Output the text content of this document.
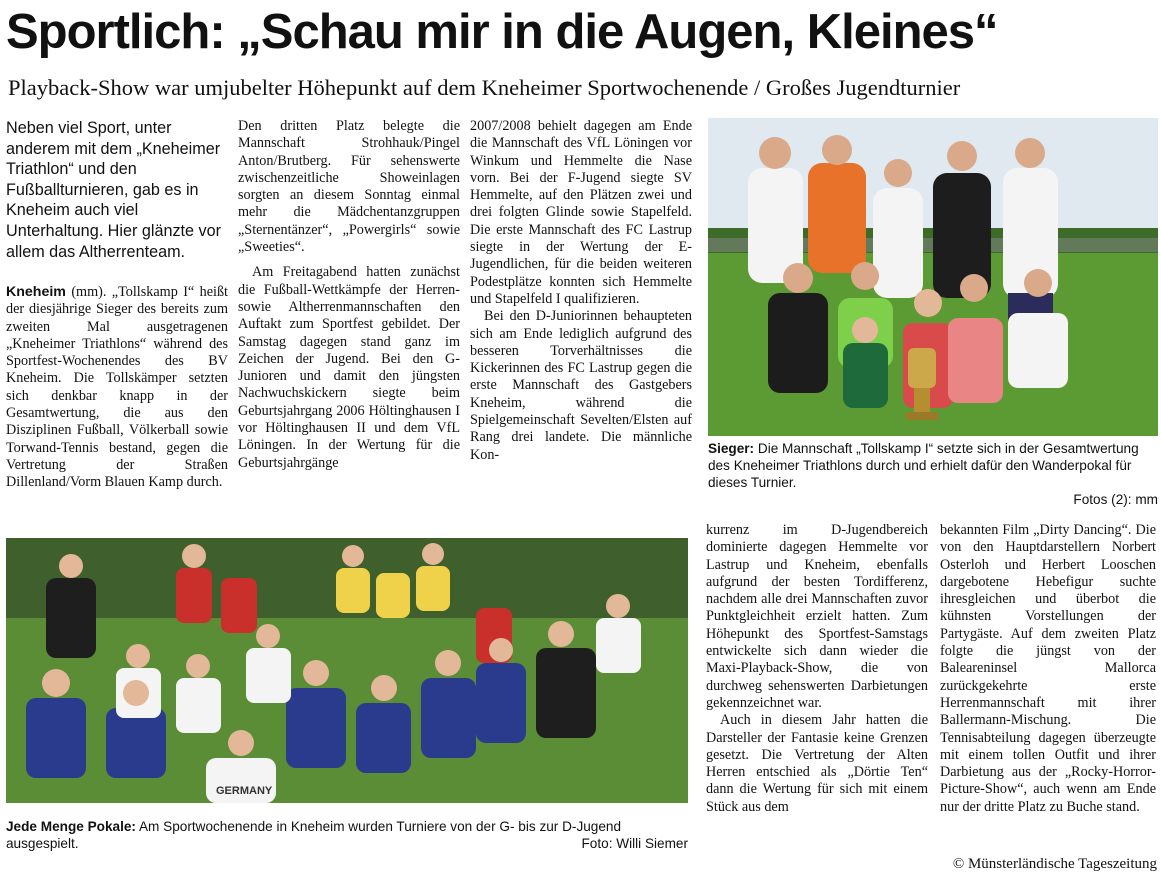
Sportlich: „Schau mir in die Augen, Kleines“
Playback-Show war umjubelter Höhepunkt auf dem Kneheimer Sportwochenende / Großes Jugendturnier
Neben viel Sport, unter anderem mit dem „Kneheimer Triathlon“ und den Fußballturnieren, gab es in Kneheim auch viel Unterhaltung. Hier glänzte vor allem das Altherrenteam.

Kneheim (mm). „Tollskamp I“ heißt der diesjährige Sieger des bereits zum zweiten Mal ausgetragenen „Kneheimer Triathlons“ während des Sportfest-Wochenendes des BV Kneheim. Die Tollskämper setzten sich denkbar knapp in der Gesamtwertung, die aus den Disziplinen Fußball, Völkerball sowie Torwand-Tennis bestand, gegen die Vertretung der Straßen Dillenland/Vorm Blauen Kamp durch.

Den dritten Platz belegte die Mannschaft Strohhauk/Pingel Anton/Brutberg. Für sehenswerte zwischenzeitliche Showeinlagen sorgten an diesem Sonntag einmal mehr die Mädchentanzgruppen „Sternentänzer“, „Powergirls“ sowie „Sweeties“.

Am Freitagabend hatten zunächst die Fußball-Wettkämpfe der Herren- sowie Altherrenmannschaften den Auftakt zum Sportfest gebildet. Der Samstag dagegen stand ganz im Zeichen der Jugend. Bei den G-Junioren und damit den jüngsten Nachwuchskickern siegte beim Geburtsjahrgang 2006 Höltinghausen I vor Höltinghausen II und dem VfL Löningen. In der Wertung für die Geburtsjahrgänge

2007/2008 behielt dagegen am Ende die Mannschaft des VfL Löningen vor Winkum und Hemmelte die Nase vorn. Bei der F-Jugend siegte SV Hemmelte, auf den Plätzen zwei und drei folgten Glinde sowie Stapelfeld. Die erste Mannschaft des FC Lastrup siegte in der Wertung der E-Jugendlichen, für die beiden weiteren Podestplätze konnten sich Hemmelte und Stapelfeld I qualifizieren.

Bei den D-Juniorinnen behaupteten sich am Ende lediglich aufgrund des besseren Torverhältnisses die Kickerinnen des FC Lastrup gegen die erste Mannschaft des Gastgebers Kneheim, während die Spielgemeinschaft Sevelten/Elsten auf Rang drei landete. Die männliche Kon-	Sieger: Die Mannschaft „Tollskamp I“ setzte sich in der Gesamtwertung des Kneheimer Triathlons durch und erhielt dafür den Wanderpokal für dieses Turnier.
Fotos (2): mm
GERMANY
Jede Menge Pokale: Am Sportwochenende in Kneheim wurden Turniere von der G- bis zur D-Jugend ausgespielt.	Foto: Willi Siemer

kurrenz im D-Jugendbereich dominierte dagegen Hemmelte vor Lastrup und Kneheim, ebenfalls aufgrund der besten Tordifferenz, nachdem alle drei Mannschaften zuvor Punktgleichheit erzielt hatten. Zum Höhepunkt des Sportfest-Samstags entwickelte sich dann wieder die Maxi-Playback-Show, die von durchweg sehenswerten Darbietungen gekennzeichnet war.

Auch in diesem Jahr hatten die Darsteller der Fantasie keine Grenzen gesetzt. Die Vertretung der Alten Herren entschied als „Dörtie Ten“ dann die Wertung für sich mit einem Stück aus dem

bekannten Film „Dirty Dancing“. Die von den Hauptdarstellern Norbert Osterloh und Herbert Looschen dargebotene Hebefigur suchte ihresgleichen und überbot die kühnsten Vorstellungen der Partygäste. Auf dem zweiten Platz folgte die jüngst von der Baleareninsel Mallorca zurückgekehrte erste Herrenmannschaft mit ihrer Ballermann-Mischung. Die Tennisabteilung dagegen überzeugte mit einem tollen Outfit und ihrer Darbietung aus der „Rocky-Horror-Picture-Show“, auch wenn am Ende nur der dritte Platz zu Buche stand.

© Münsterländische Tageszeitung
